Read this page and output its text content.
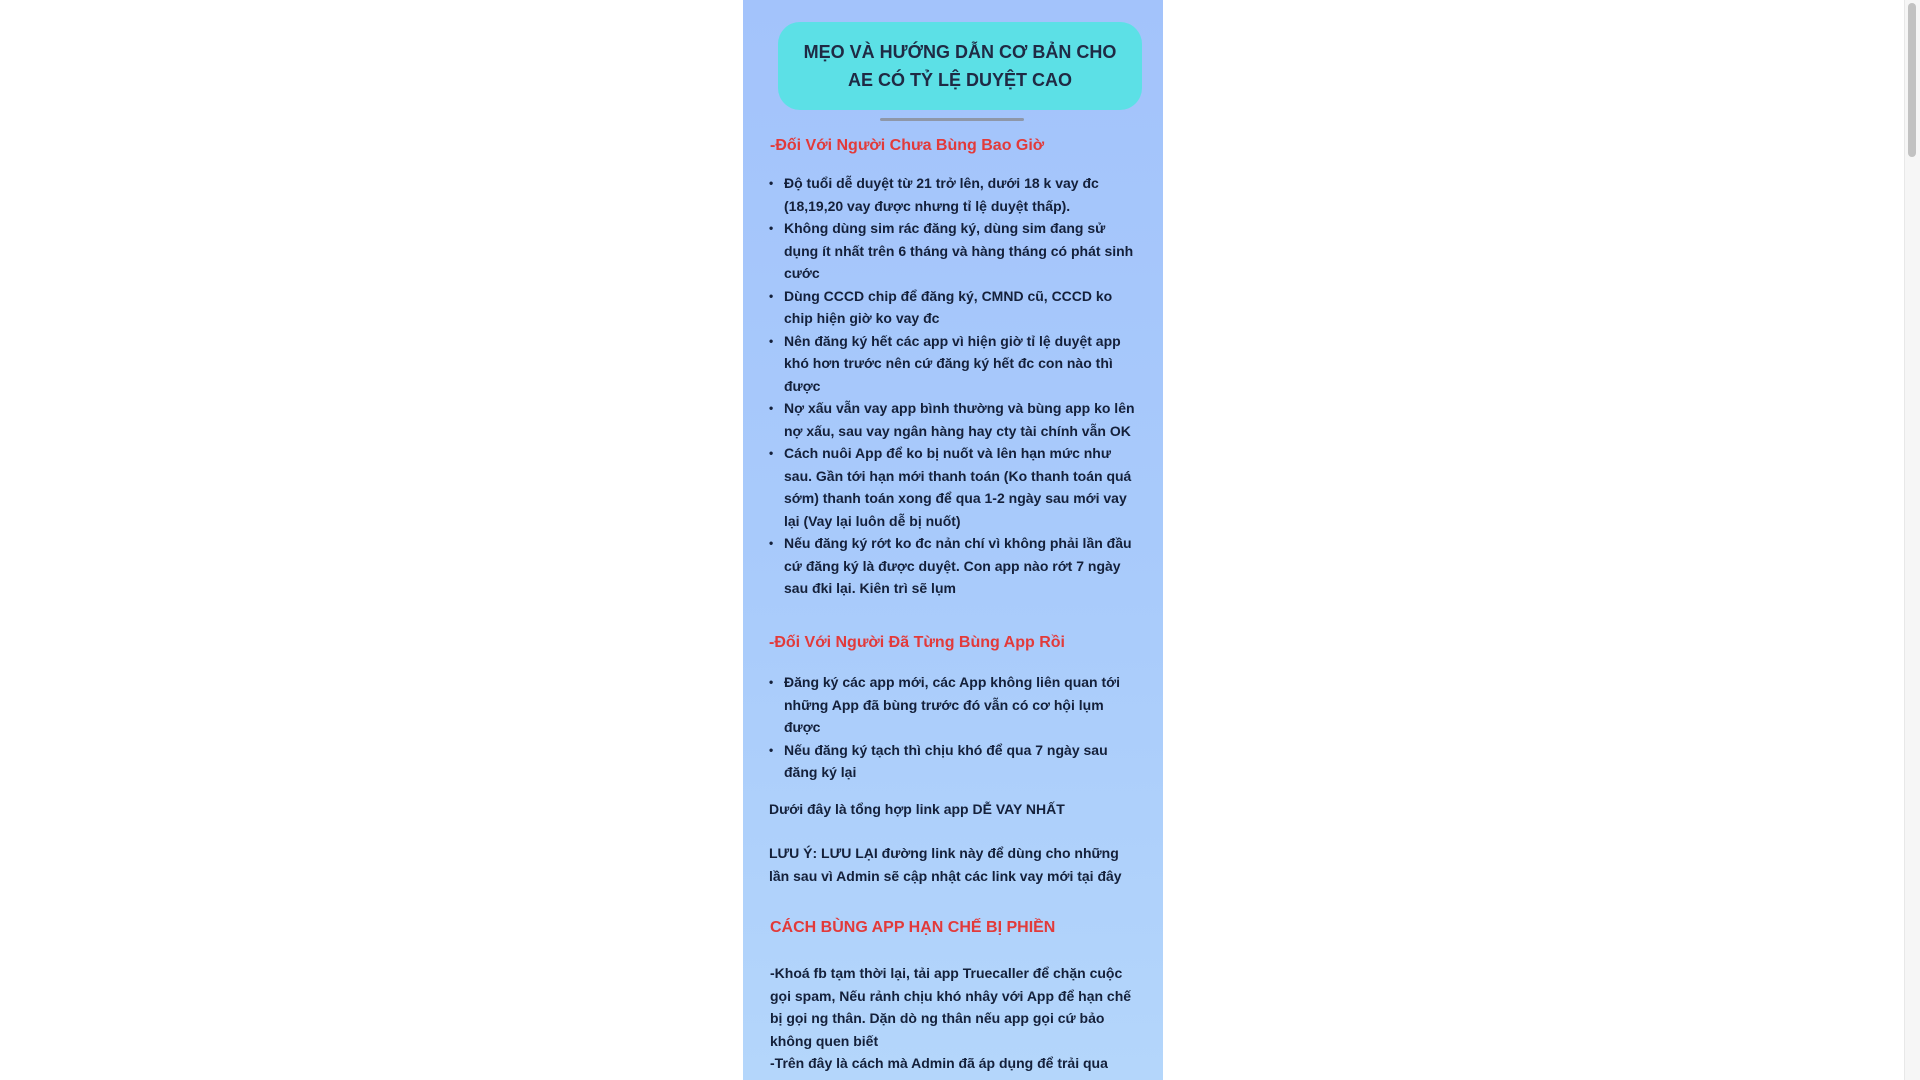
MẸO VÀ HƯỚNG DẪN CƠ BẢN CHO AE CÓ TỶ LỆ DUYỆT CAO
-Đối Với Người Chưa Bùng Bao Giờ
• Độ tuổi dễ duyệt từ 21 trở lên, dưới 18 k vay đc (18,19,20 vay được nhưng tỉ lệ duyệt thấp).
• Không dùng sim rác đăng ký, dùng sim đang sử dụng ít nhất trên 6 tháng và hàng tháng có phát sinh cước
• Dùng CCCD chip để đăng ký, CMND cũ, CCCD ko chip hiện giờ ko vay đc
• Nên đăng ký hết các app vì hiện giờ tỉ lệ duyệt app khó hơn trước nên cứ đăng ký hết đc con nào thì được
• Nợ xấu vẫn vay app bình thường và bùng app ko lên nợ xấu, sau vay ngân hàng hay cty tài chính vẫn OK
• Cách nuôi App để ko bị nuốt và lên hạn mức như sau. Gần tới hạn mới thanh toán (Ko thanh toán quá sớm) thanh toán xong để qua 1-2 ngày sau mới vay lại (Vay lại luôn dễ bị nuốt)
• Nếu đăng ký rớt ko đc nản chí vì không phải lần đầu cứ đăng ký là được duyệt. Con app nào rớt 7 ngày sau đki lại. Kiên trì sẽ lụm
-Đối Với Người Đã Từng Bùng App Rồi
• Đăng ký các app mới, các App không liên quan tới những App đã bùng trước đó vẫn có cơ hội lụm được
• Nếu đăng ký tạch thì chịu khó để qua 7 ngày sau đăng ký lại
Dưới đây là tổng hợp link app DỄ VAY NHẤT
LƯU Ý: LƯU LẠI đường link này để dùng cho những lần sau vì Admin sẽ cập nhật các link vay mới tại đây
CÁCH BÙNG APP HẠN CHẾ BỊ PHIỀN
-Khoá fb tạm thời lại, tải app Truecaller để chặn cuộc gọi spam, Nếu rảnh chịu khó nhây với App để hạn chế bị gọi ng thân. Dặn dò ng thân nếu app gọi cứ bảo không quen biết
-Trên đây là cách mà Admin đã áp dụng để trải qua
